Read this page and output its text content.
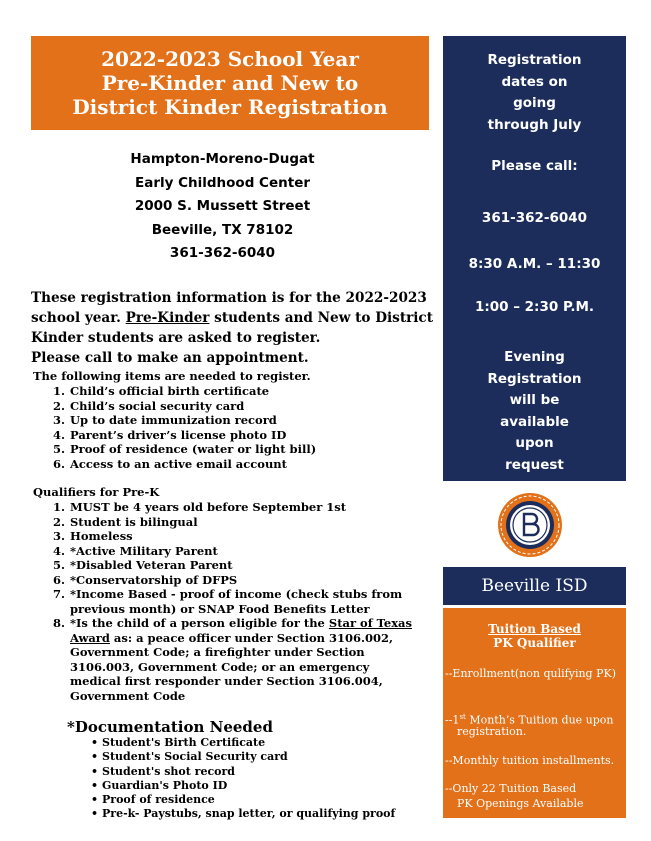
2022-2023 School Year
Pre-Kinder and New to
District Kinder Registration
Hampton-Moreno-Dugat
Early Childhood Center
2000 S. Mussett Street
Beeville, TX 78102
361-362-6040
These registration information is for the 2022-2023
school year. Pre-Kinder students and New to District
Kinder students are asked to register.
Please call to make an appointment.
The following items are needed to register.
1. Child’s official birth certificate
2. Child’s social security card
3. Up to date immunization record
4. Parent’s driver’s license photo ID
5. Proof of residence (water or light bill)
6. Access to an active email account
Qualifiers for Pre-K
1. MUST be 4 years old before September 1st
2. Student is bilingual
3. Homeless
4. *Active Military Parent
5. *Disabled Veteran Parent
6. *Conservatorship of DFPS
7. *Income Based - proof of income (check stubs from
previous month) or SNAP Food Benefits Letter
8. *Is the child of a person eligible for the Star of Texas
Award as: a peace officer under Section 3106.002,
Government Code; a firefighter under Section
3106.003, Government Code; or an emergency
medical first responder under Section 3106.004,
Government Code
*Documentation Needed
• Student's Birth Certificate
• Student's Social Security card
• Student's shot record
• Guardian's Photo ID
• Proof of residence
• Pre-k- Paystubs, snap letter, or qualifying proof
Registration
dates on
going
through July
Please call:
361-362-6040
8:30 A.M. – 11:30
1:00 – 2:30 P.M.
Evening
Registration
will be
available
upon
request
Beeville ISD
Tuition Based
PK Qualifier
--Enrollment(non qulifying PK)
--1st Month’s Tuition due upon
registration.
--Monthly tuition installments.
--Only 22 Tuition Based
PK Openings Available
